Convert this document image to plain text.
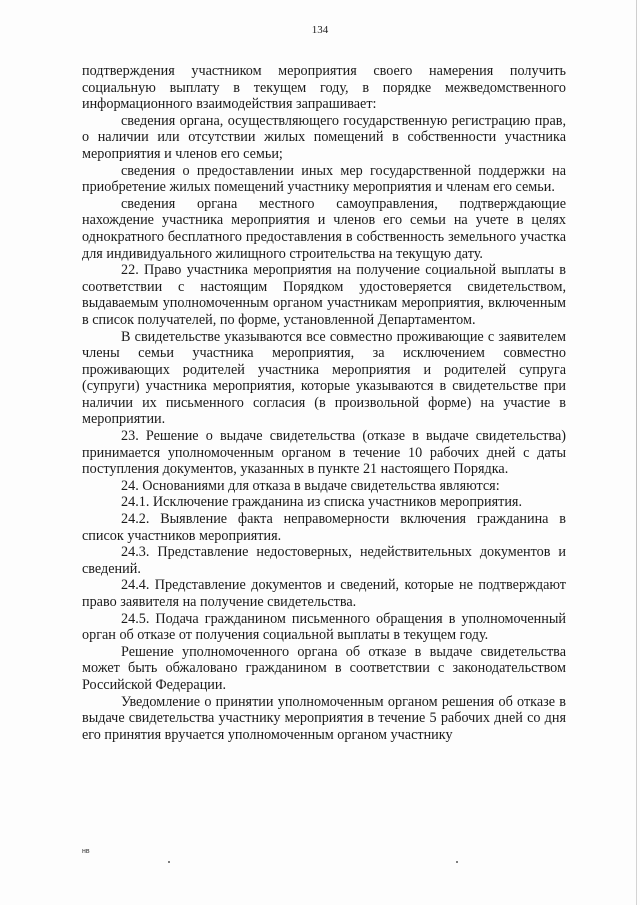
134

подтверждения участником мероприятия своего намерения получить социальную выплату в текущем году, в порядке межведомственного информационного взаимодействия запрашивает:

сведения органа, осуществляющего государственную регистрацию прав, о наличии или отсутствии жилых помещений в собственности участника мероприятия и членов его семьи;

сведения о предоставлении иных мер государственной поддержки на приобретение жилых помещений участнику мероприятия и членам его семьи.

сведения органа местного самоуправления, подтверждающие нахождение участника мероприятия и членов его семьи на учете в целях однократного бесплатного предоставления в собственность земельного участка для индивидуального жилищного строительства на текущую дату.

22. Право участника мероприятия на получение социальной выплаты в соответствии с настоящим Порядком удостоверяется свидетельством, выдаваемым уполномоченным органом участникам мероприятия, включенным в список получателей, по форме, установленной Департаментом.

В свидетельстве указываются все совместно проживающие с заявителем члены семьи участника мероприятия, за исключением совместно проживающих родителей участника мероприятия и родителей супруга (супруги) участника мероприятия, которые указываются в свидетельстве при наличии их письменного согласия (в произвольной форме) на участие в мероприятии.

23. Решение о выдаче свидетельства (отказе в выдаче свидетельства) принимается уполномоченным органом в течение 10 рабочих дней с даты поступления документов, указанных в пункте 21 настоящего Порядка.

24. Основаниями для отказа в выдаче свидетельства являются:

24.1. Исключение гражданина из списка участников мероприятия.

24.2. Выявление факта неправомерности включения гражданина в список участников мероприятия.

24.3. Представление недостоверных, недействительных документов и сведений.

24.4. Представление документов и сведений, которые не подтверждают право заявителя на получение свидетельства.

24.5. Подача гражданином письменного обращения в уполномоченный орган об отказе от получения социальной выплаты в текущем году.

Решение уполномоченного органа об отказе в выдаче свидетельства может быть обжаловано гражданином в соответствии с законодательством Российской Федерации.

Уведомление о принятии уполномоченным органом решения об отказе в выдаче свидетельства участнику мероприятия в течение 5 рабочих дней со дня его принятия вручается уполномоченным органом участнику

нв
